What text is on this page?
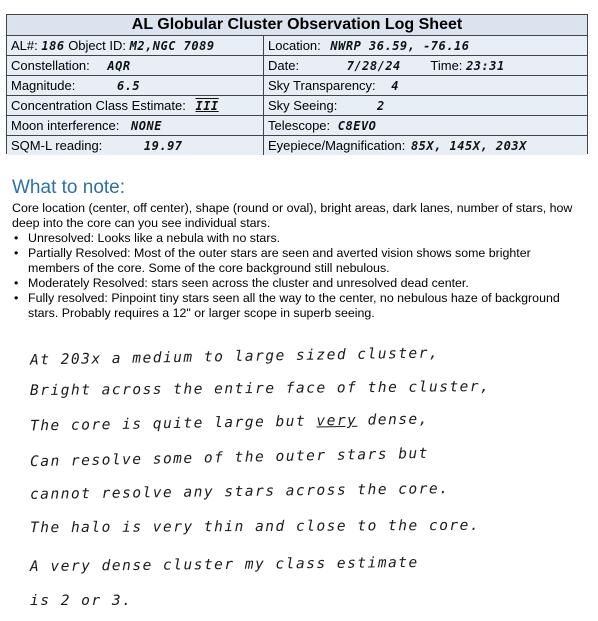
AL Globular Cluster Observation Log Sheet
AL#: 186 Object ID: M2,NGC 7089	Location: NWRP 36.59, -76.16
Constellation: AQR	Date:	7/28/24 Time: 23:31
Magnitude:	6.5	Sky Transparency: 4
Concentration Class Estimate: III	Sky Seeing:	2
Moon interference: NONE	Telescope: C8EVO
SQM-L reading:	19.97	Eyepiece/Magnification: 85X, 145X, 203X
What to note:

Core location (center, off center), shape (round or oval), bright areas, dark lanes, number of stars, how deep into the core can you see individual stars.

• Unresolved: Looks like a nebula with no stars.
• Partially Resolved: Most of the outer stars are seen and averted vision shows some brighter members of the core. Some of the core background still nebulous.
• Moderately Resolved: stars seen across the cluster and unresolved dead center.
• Fully resolved: Pinpoint tiny stars seen all the way to the center, no nebulous haze of background stars. Probably requires a 12" or larger scope in superb seeing.
At 203x a medium to large sized cluster,
Bright across the entire face of the cluster,
The core is quite large but very dense,
Can resolve some of the outer stars but
cannot resolve any stars across the core.
The halo is very thin and close to the core.
A very dense cluster my class estimate
is 2 or 3.
